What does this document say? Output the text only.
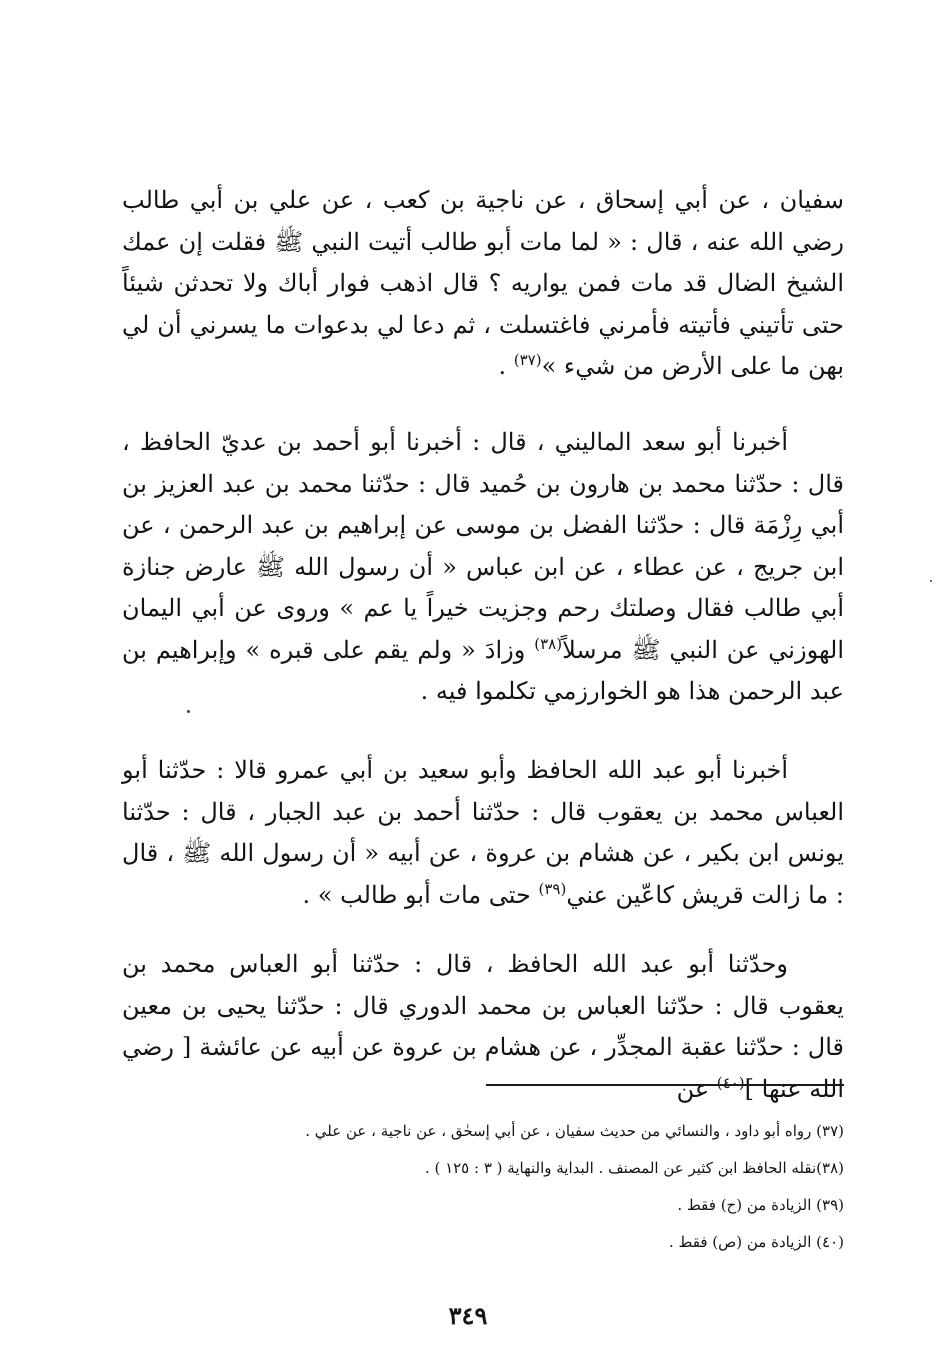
سفيان ، عن أبي إسحاق ، عن ناجية بن كعب ، عن علي بن أبي طالب رضي الله عنه ، قال : « لما مات أبو طالب أتيت النبي ﷺ فقلت إن عمك الشيخ الضال قد مات فمن يواريه ؟ قال اذهب فوار أباك ولا تحدثن شيئاً حتى تأتيني فأتيته فأمرني فاغتسلت ، ثم دعا لي بدعوات ما يسرني أن لي بهن ما على الأرض من شيء »$^{(٣٧)}$ .

أخبرنا أبو سعد الماليني ، قال : أخبرنا أبو أحمد بن عديّ الحافظ ، قال : حدّثنا محمد بن هارون بن حُميد قال : حدّثنا محمد بن عبد العزيز بن أبي رِزْمَة قال : حدّثنا الفضل بن موسى عن إبراهيم بن عبد الرحمن ، عن ابن جريج ، عن عطاء ، عن ابن عباس « أن رسول الله ﷺ عارض جنازة أبي طالب فقال وصلتك رحم وجزيت خيراً يا عم » وروى عن أبي اليمان الهوزني عن النبي ﷺ مرسلاً$^{(٣٨)}$ وزادَ « ولم يقم على قبره » وإبراهيم بن عبد الرحمن هذا هو الخوارزمي تكلموا فيه .

أخبرنا أبو عبد الله الحافظ وأبو سعيد بن أبي عمرو قالا : حدّثنا أبو العباس محمد بن يعقوب قال : حدّثنا أحمد بن عبد الجبار ، قال : حدّثنا يونس ابن بكير ، عن هشام بن عروة ، عن أبيه « أن رسول الله ﷺ ، قال : ما زالت قريش كاعّين عني$^{(٣٩)}$ حتى مات أبو طالب » .

وحدّثنا أبو عبد الله الحافظ ، قال : حدّثنا أبو العباس محمد بن يعقوب قال : حدّثنا العباس بن محمد الدوري قال : حدّثنا يحيى بن معين قال : حدّثنا عقبة المجدِّر ، عن هشام بن عروة عن أبيه عن عائشة [ رضي الله عنها ]$^{(٤٠)}$ عن

(٣٧) رواه أبو داود ، والنسائي من حديث سفيان ، عن أبي إسحٰق ، عن ناجية ، عن علي .

(٣٨)نقله الحافظ ابن كثير عن المصنف . البداية والنهاية ( ٣ : ١٢٥ ) .

(٣٩) الزيادة من (ح) فقط .

(٤٠) الزيادة من (ص) فقط .

٣٤٩
